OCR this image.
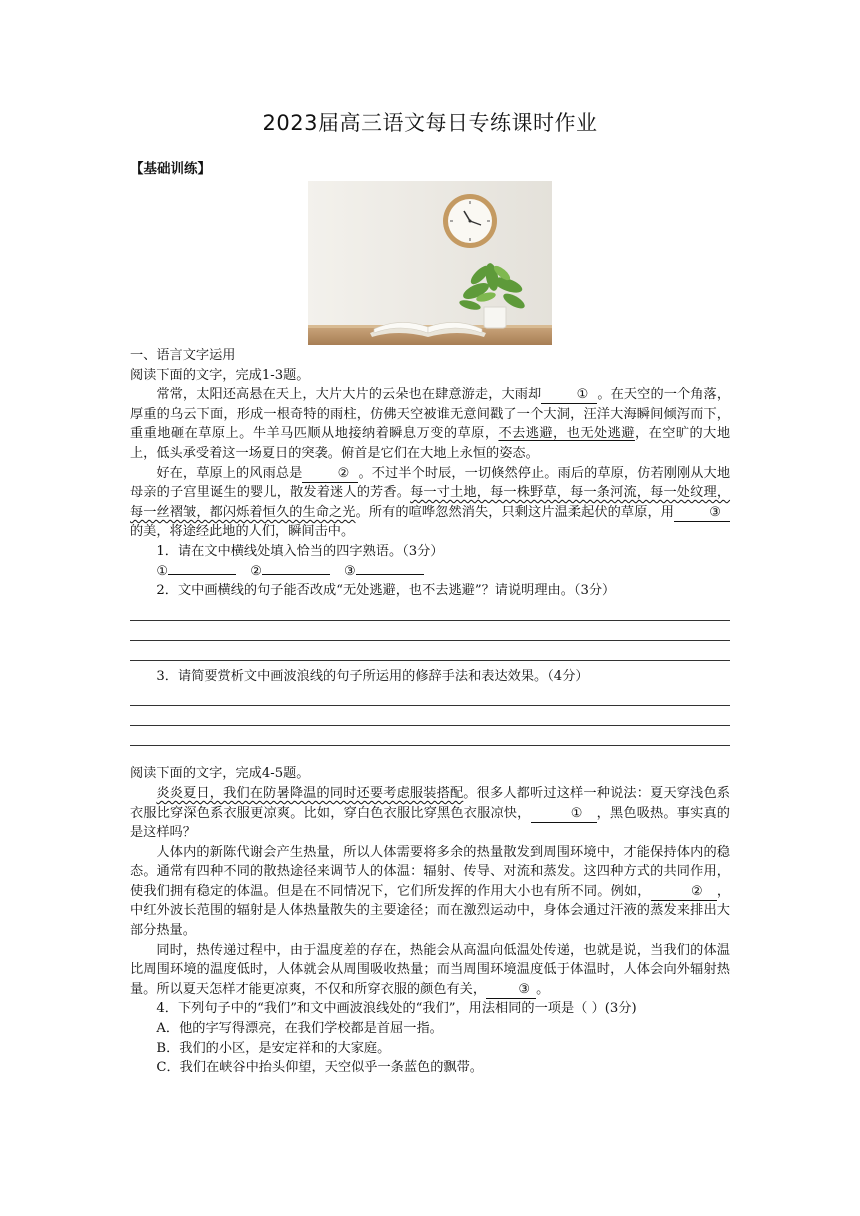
2023届高三语文每日专练课时作业
【基础训练】

一、语言文字运用

阅读下面的文字，完成1-3题。

常常，太阳还高悬在天上，大片大片的云朵也在肆意游走，大雨却	① 。在天空的一个角落，厚重的乌云下面，形成一根奇特的雨柱，仿佛天空被谁无意间戳了一个大洞，汪洋大海瞬间倾泻而下，重重地砸在草原上。牛羊马匹顺从地接纳着瞬息万变的草原，不去逃避，也无处逃避，在空旷的大地上，低头承受着这一场夏日的突袭。俯首是它们在大地上永恒的姿态。

好在，草原上的风雨总是	② 。不过半个时辰，一切倏然停止。雨后的草原，仿若刚刚从大地母亲的子宫里诞生的婴儿，散发着迷人的芳香。每一寸土地，每一株野草，每一条河流，每一处纹理，每一丝褶皱，都闪烁着恒久的生命之光。所有的喧哗忽然消失，只剩这片温柔起伏的草原，用	③的美，将途经此地的人们，瞬间击中。

1．请在文中横线处填入恰当的四字熟语。（3分）

①	②	③

2．文中画横线的句子能否改成“无处逃避，也不去逃避”？请说明理由。（3分）

3．请简要赏析文中画波浪线的句子所运用的修辞手法和表达效果。（4分）

阅读下面的文字，完成4-5题。

炎炎夏日，我们在防暑降温的同时还要考虑服装搭配。很多人都听过这样一种说法：夏天穿浅色系衣服比穿深色系衣服更凉爽。比如，穿白色衣服比穿黑色衣服凉快，	① ，黑色吸热。事实真的是这样吗？

人体内的新陈代谢会产生热量，所以人体需要将多余的热量散发到周围环境中，才能保持体内的稳态。通常有四种不同的散热途径来调节人的体温：辐射、传导、对流和蒸发。这四种方式的共同作用，使我们拥有稳定的体温。但是在不同情况下，它们所发挥的作用大小也有所不同。例如，	② ，中红外波长范围的辐射是人体热量散失的主要途径；而在激烈运动中，身体会通过汗液的蒸发来排出大部分热量。

同时，热传递过程中，由于温度差的存在，热能会从高温向低温处传递，也就是说，当我们的体温比周围环境的温度低时，人体就会从周围吸收热量；而当周围环境温度低于体温时，人体会向外辐射热量。所以夏天怎样才能更凉爽，不仅和所穿衣服的颜色有关， ③ 。

4．下列句子中的“我们”和文中画波浪线处的“我们”，用法相同的一项是（ ）(3分)

A．他的字写得漂亮，在我们学校都是首屈一指。

B．我们的小区，是安定祥和的大家庭。

C．我们在峡谷中抬头仰望，天空似乎一条蓝色的飘带。
